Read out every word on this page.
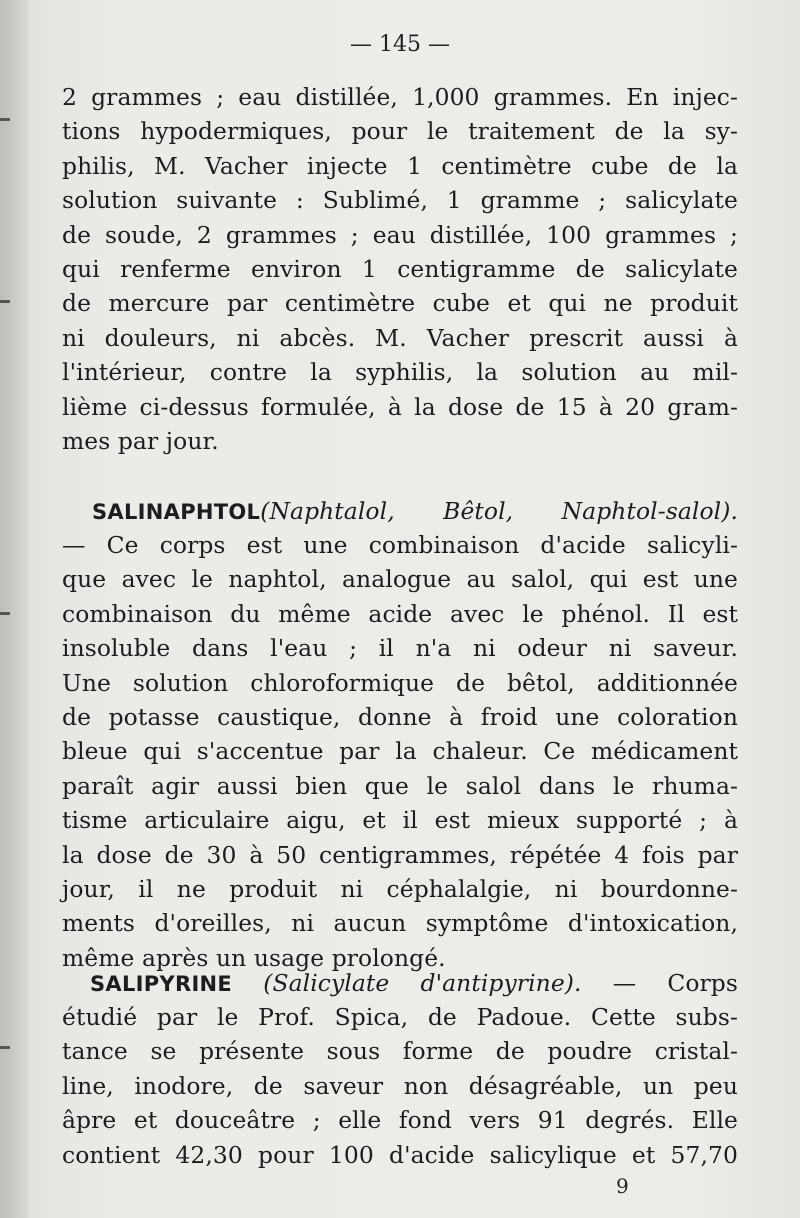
— 145 —
2 grammes ; eau distillée, 1,000 grammes. En injec-
tions hypodermiques, pour le traitement de la sy-
philis, M. Vacher injecte 1 centimètre cube de la
solution suivante : Sublimé, 1 gramme ; salicylate
de soude, 2 grammes ; eau distillée, 100 grammes ;
qui renferme environ 1 centigramme de salicylate
de mercure par centimètre cube et qui ne produit
ni douleurs, ni abcès. M. Vacher prescrit aussi à
l'intérieur, contre la syphilis, la solution au mil-
lième ci-dessus formulée, à la dose de 15 à 20 gram-
mes par jour.
SALINAPHTOL(Naphtalol, Bêtol, Naphtol-salol).
— Ce corps est une combinaison d'acide salicyli-
que avec le naphtol, analogue au salol, qui est une
combinaison du même acide avec le phénol. Il est
insoluble dans l'eau ; il n'a ni odeur ni saveur.
Une solution chloroformique de bêtol, additionnée
de potasse caustique, donne à froid une coloration
bleue qui s'accentue par la chaleur. Ce médicament
paraît agir aussi bien que le salol dans le rhuma-
tisme articulaire aigu, et il est mieux supporté ; à
la dose de 30 à 50 centigrammes, répétée 4 fois par
jour, il ne produit ni céphalalgie, ni bourdonne-
ments d'oreilles, ni aucun symptôme d'intoxication,
même après un usage prolongé.
SALIPYRINE (Salicylate d'antipyrine). — Corps
étudié par le Prof. Spica, de Padoue. Cette subs-
tance se présente sous forme de poudre cristal-
line, inodore, de saveur non désagréable, un peu
âpre et douceâtre ; elle fond vers 91 degrés. Elle
contient 42,30 pour 100 d'acide salicylique et 57,70
9
